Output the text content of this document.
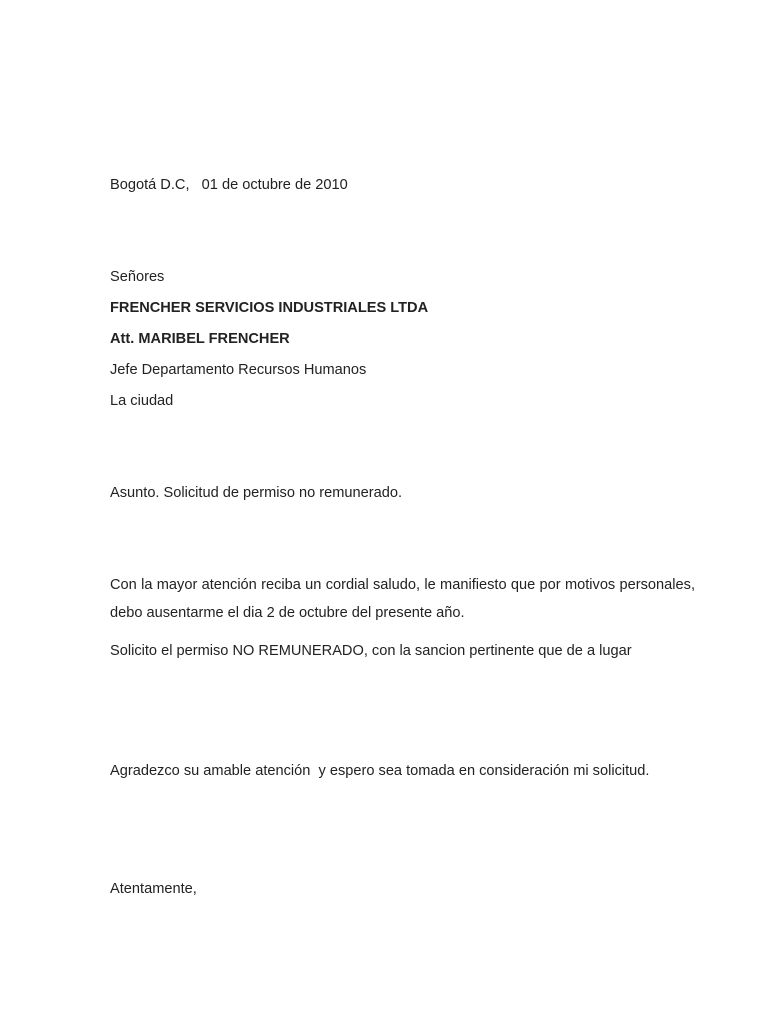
Bogotá D.C,   01 de octubre de 2010
Señores
FRENCHER SERVICIOS INDUSTRIALES LTDA
Att. MARIBEL FRENCHER
Jefe Departamento Recursos Humanos
La ciudad
Asunto. Solicitud de permiso no remunerado.
Con la mayor atención reciba un cordial saludo, le manifiesto que por motivos personales, debo ausentarme el dia 2 de octubre del presente año.
Solicito el permiso NO REMUNERADO, con la sancion pertinente que de a lugar
Agradezco su amable atención  y espero sea tomada en consideración mi solicitud.
Atentamente,
